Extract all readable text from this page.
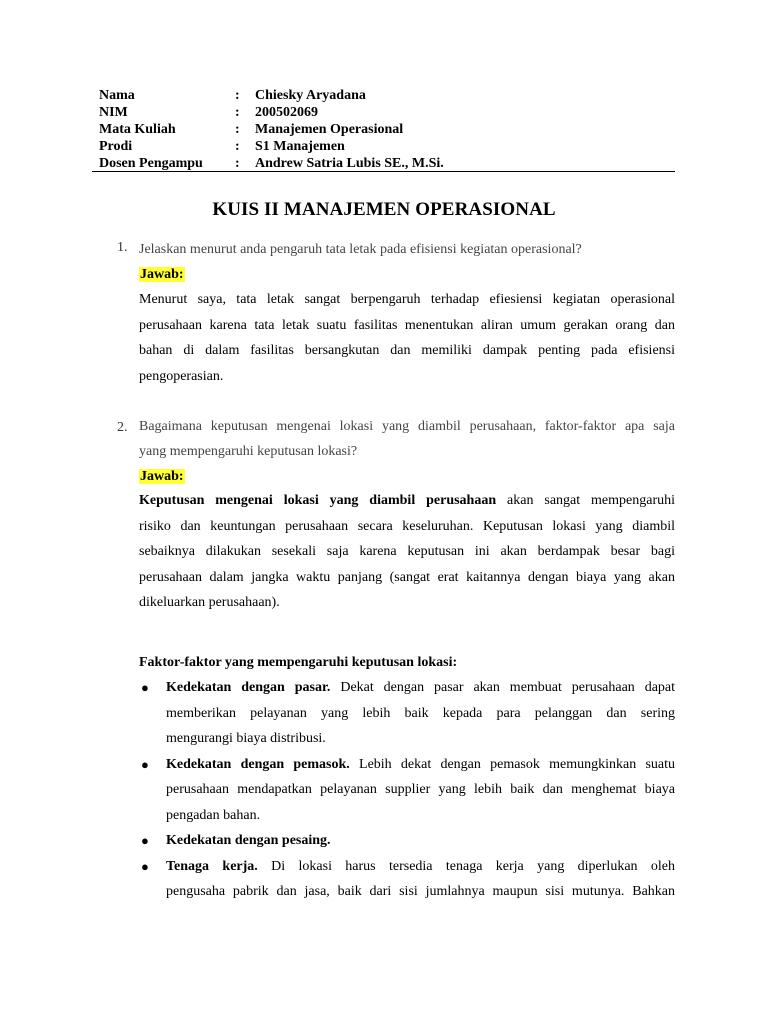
Nama	:	Chiesky Aryadana
NIM	:	200502069
Mata Kuliah	:	Manajemen Operasional
Prodi	:	S1 Manajemen
Dosen Pengampu	:	Andrew Satria Lubis SE., M.Si.
KUIS II MANAJEMEN OPERASIONAL
1. Jelaskan menurut anda pengaruh tata letak pada efisiensi kegiatan operasional?
Jawab:
Menurut saya, tata letak sangat berpengaruh terhadap efiesiensi kegiatan operasional
perusahaan karena tata letak suatu fasilitas menentukan aliran umum gerakan orang dan
bahan di dalam fasilitas bersangkutan dan memiliki dampak penting pada efisiensi
pengoperasian.
2. Bagaimana keputusan mengenai lokasi yang diambil perusahaan, faktor-faktor apa saja
yang mempengaruhi keputusan lokasi?
Jawab:
Keputusan mengenai lokasi yang diambil perusahaan akan sangat mempengaruhi
risiko dan keuntungan perusahaan secara keseluruhan. Keputusan lokasi yang diambil
sebaiknya dilakukan sesekali saja karena keputusan ini akan berdampak besar bagi
perusahaan dalam jangka waktu panjang (sangat erat kaitannya dengan biaya yang akan
dikeluarkan perusahaan).
Faktor-faktor yang mempengaruhi keputusan lokasi:
● Kedekatan dengan pasar. Dekat dengan pasar akan membuat perusahaan dapat
memberikan pelayanan yang lebih baik kepada para pelanggan dan sering
mengurangi biaya distribusi.
● Kedekatan dengan pemasok. Lebih dekat dengan pemasok memungkinkan suatu
perusahaan mendapatkan pelayanan supplier yang lebih baik dan menghemat biaya
pengadan bahan.
● Kedekatan dengan pesaing.
● Tenaga kerja. Di lokasi harus tersedia tenaga kerja yang diperlukan oleh
pengusaha pabrik dan jasa, baik dari sisi jumlahnya maupun sisi mutunya. Bahkan
